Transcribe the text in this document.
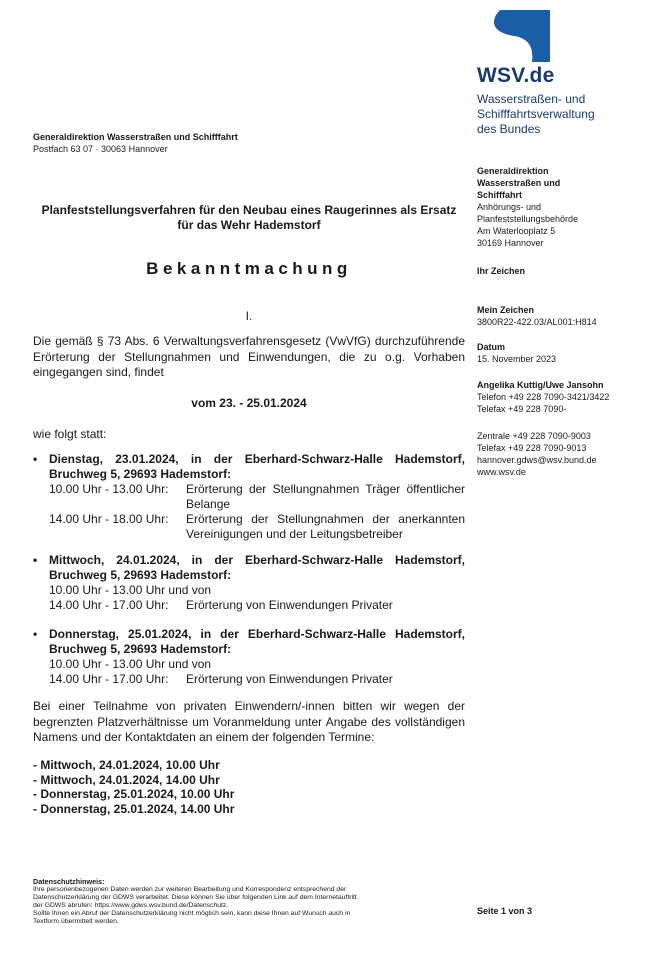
WSV.de
Wasserstraßen- und
Schifffahrtsverwaltung
des Bundes
Generaldirektion Wasserstraßen und Schifffahrt
Postfach 63 07 · 30063 Hannover
Generaldirektion
Wasserstraßen und
Schifffahrt
Anhörungs- und
Planfeststellungsbehörde
Am Waterlooplatz 5
30169 Hannover
Ihr Zeichen
Mein Zeichen
3800R22-422.03/AL001:H814
Datum
15. November 2023
Angelika Kuttig/Uwe Jansohn
Telefon +49 228 7090-3421/3422
Telefax +49 228 7090-
Zentrale +49 228 7090-9003
Telefax +49 228 7090-9013
hannover.gdws@wsv.bund.de
www.wsv.de
Planfeststellungsverfahren für den Neubau eines Raugerinnes als Ersatz für das Wehr Hademstorf
Bekanntmachung
I.
Die gemäß § 73 Abs. 6 Verwaltungsverfahrensgesetz (VwVfG) durchzuführende Erörterung der Stellungnahmen und Einwendungen, die zu o.g. Vorhaben eingegangen sind, findet
vom 23. - 25.01.2024
wie folgt statt:
• Dienstag, 23.01.2024, in der Eberhard-Schwarz-Halle Hademstorf, Bruchweg 5, 29693 Hademstorf:
10.00 Uhr - 13.00 Uhr:	Erörterung der Stellungnahmen Träger öffentlicher Belange
14.00 Uhr - 18.00 Uhr:	Erörterung der Stellungnahmen der anerkannten Vereinigungen und der Leitungsbetreiber
• Mittwoch, 24.01.2024, in der Eberhard-Schwarz-Halle Hademstorf, Bruchweg 5, 29693 Hademstorf:
10.00 Uhr - 13.00 Uhr und von
14.00 Uhr - 17.00 Uhr:	Erörterung von Einwendungen Privater
• Donnerstag, 25.01.2024, in der Eberhard-Schwarz-Halle Hademstorf, Bruchweg 5, 29693 Hademstorf:
10.00 Uhr - 13.00 Uhr und von
14.00 Uhr - 17.00 Uhr:	Erörterung von Einwendungen Privater
Bei einer Teilnahme von privaten Einwendern/-innen bitten wir wegen der begrenzten Platzverhältnisse um Voranmeldung unter Angabe des vollständigen Namens und der Kontaktdaten an einem der folgenden Termine:
- Mittwoch, 24.01.2024, 10.00 Uhr
- Mittwoch, 24.01.2024, 14.00 Uhr
- Donnerstag, 25.01.2024, 10.00 Uhr
- Donnerstag, 25.01.2024, 14.00 Uhr
Datenschutzhinweis:
Ihre personenbezogenen Daten werden zur weiteren Bearbeitung und Korrespondenz entsprechend der
Datenschutzerklärung der GDWS verarbeitet. Diese können Sie über folgenden Link auf dem Internetauftritt
der GDWS abrufen: https://www.gdws.wsv.bund.de/Datenschutz.
Sollte Ihnen ein Abruf der Datenschutzerklärung nicht möglich sein, kann diese Ihnen auf Wunsch auch in
Textform übermittelt werden.
Seite 1 von 3
